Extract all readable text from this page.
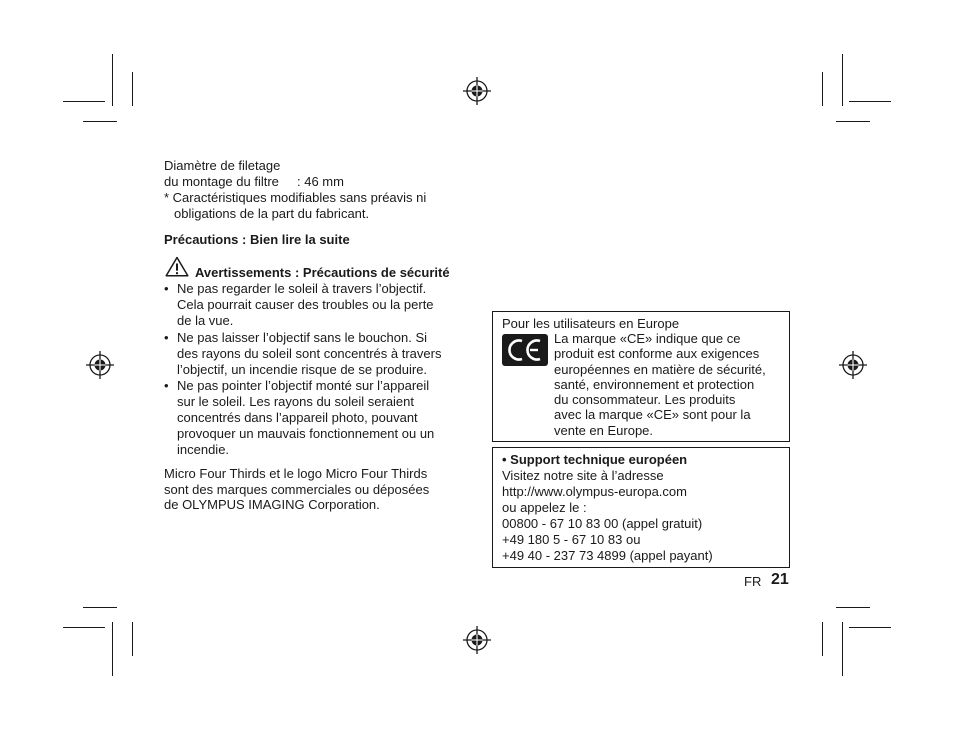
Diamètre de filetage
du montage du filtre : 46 mm
* Caractéristiques modifiables sans préavis ni
obligations de la part du fabricant.
Précautions : Bien lire la suite
Avertissements : Précautions de sécurité
• Ne pas regarder le soleil à travers l’objectif.
Cela pourrait causer des troubles ou la perte
de la vue.
• Ne pas laisser l’objectif sans le bouchon. Si
des rayons du soleil sont concentrés à travers
l’objectif, un incendie risque de se produire.
• Ne pas pointer l’objectif monté sur l’appareil
sur le soleil. Les rayons du soleil seraient
concentrés dans l’appareil photo, pouvant
provoquer un mauvais fonctionnement ou un
incendie.
Micro Four Thirds et le logo Micro Four Thirds
sont des marques commerciales ou déposées
de OLYMPUS IMAGING Corporation.
Pour les utilisateurs en Europe
La marque «CE» indique que ce
produit est conforme aux exigences
européennes en matière de sécurité,
santé, environnement et protection
du consommateur. Les produits
avec la marque «CE» sont pour la
vente en Europe.
• Support technique européen
Visitez notre site à l’adresse
http://www.olympus-europa.com
ou appelez le :
00800 - 67 10 83 00 (appel gratuit)
+49 180 5 - 67 10 83 ou
+49 40 - 237 73 4899 (appel payant)
FR 21
